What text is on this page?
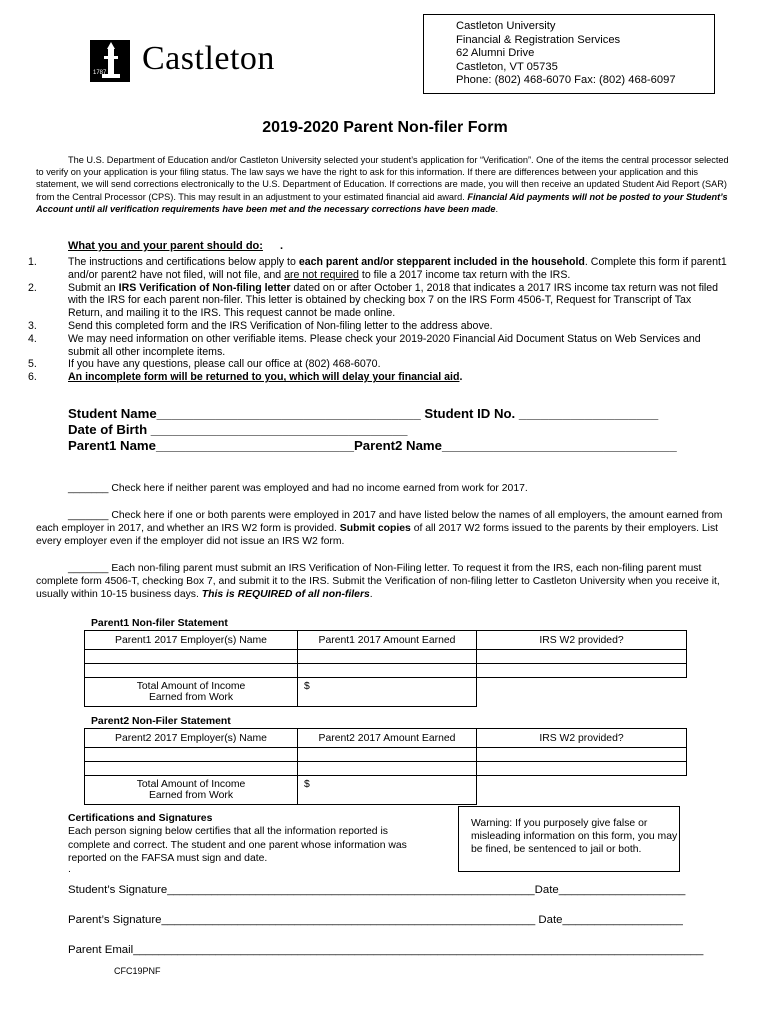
1787 Castleton
Castleton University
Financial & Registration Services
62 Alumni Drive
Castleton, VT 05735
Phone: (802) 468-6070 Fax: (802) 468-6097
2019-2020 Parent Non-filer Form

The U.S. Department of Education and/or Castleton University selected your student’s application for “Verification”. One of the items the central processor selected to verify on your application is your filing status. The law says we have the right to ask for this information. If there are differences between your application and this statement, we will send corrections electronically to the U.S. Department of Education. If corrections are made, you will then receive an updated Student Aid Report (SAR) from the Central Processor (CPS). This may result in an adjustment to your estimated financial aid award. Financial Aid payments will not be posted to your Student’s Account until all verification requirements have been met and the necessary corrections have been made.

What you and your parent should do:
1.	The instructions and certifications below apply to each parent and/or stepparent included in the household. Complete this form if parent1 and/or parent2 have not filed, will not file, and are not required to file a 2017 income tax return with the IRS.
2.	Submit an IRS Verification of Non-filing letter dated on or after October 1, 2018 that indicates a 2017 IRS income tax return was not filed with the IRS for each parent non-filer. This letter is obtained by checking box 7 on the IRS Form 4506-T, Request for Transcript of Tax Return, and mailing it to the IRS. This request cannot be made online.
3.	Send this completed form and the IRS Verification of Non-filing letter to the address above.
4.	We may need information on other verifiable items. Please check your 2019-2020 Financial Aid Document Status on Web Services and submit all other incomplete items.
5.	If you have any questions, please call our office at (802) 468-6070.
6.	An incomplete form will be returned to you, which will delay your financial aid.
.
Student Name____________________________________ Student ID No. ___________________
Date of Birth ___________________________________
Parent1 Name___________________________Parent2 Name________________________________

_______ Check here if neither parent was employed and had no income earned from work for 2017.

_______ Check here if one or both parents were employed in 2017 and have listed below the names of all employers, the amount earned from each employer in 2017, and whether an IRS W2 form is provided. Submit copies of all 2017 W2 forms issued to the parents by their employers. List every employer even if the employer did not issue an IRS W2 form.

_______ Each non-filing parent must submit an IRS Verification of Non-Filing letter. To request it from the IRS, each non-filing parent must complete form 4506-T, checking Box 7, and submit it to the IRS. Submit the Verification of non-filing letter to Castleton University when you receive it, usually within 10-15 business days. This is REQUIRED of all non-filers.

Parent1 Non-filer Statement
Parent1 2017 Employer(s) Name	Parent1 2017 Amount Earned	IRS W2 provided?

Total Amount of Income Earned from Work	$	
Parent2 Non-Filer Statement
Parent2 2017 Employer(s) Name	Parent2 2017 Amount Earned	IRS W2 provided?

Total Amount of Income Earned from Work	$	
Certifications and Signatures
Each person signing below certifies that all the information reported is complete and correct. The student and one parent whose information was reported on the FAFSA must sign and date.
.
Warning: If you purposely give false or misleading information on this form, you may be fined, be sentenced to jail or both.
Student’s Signature__________________________________________________________Date____________________
Parent’s Signature___________________________________________________________ Date___________________
Parent Email__________________________________________________________________________________________
CFC19PNF
